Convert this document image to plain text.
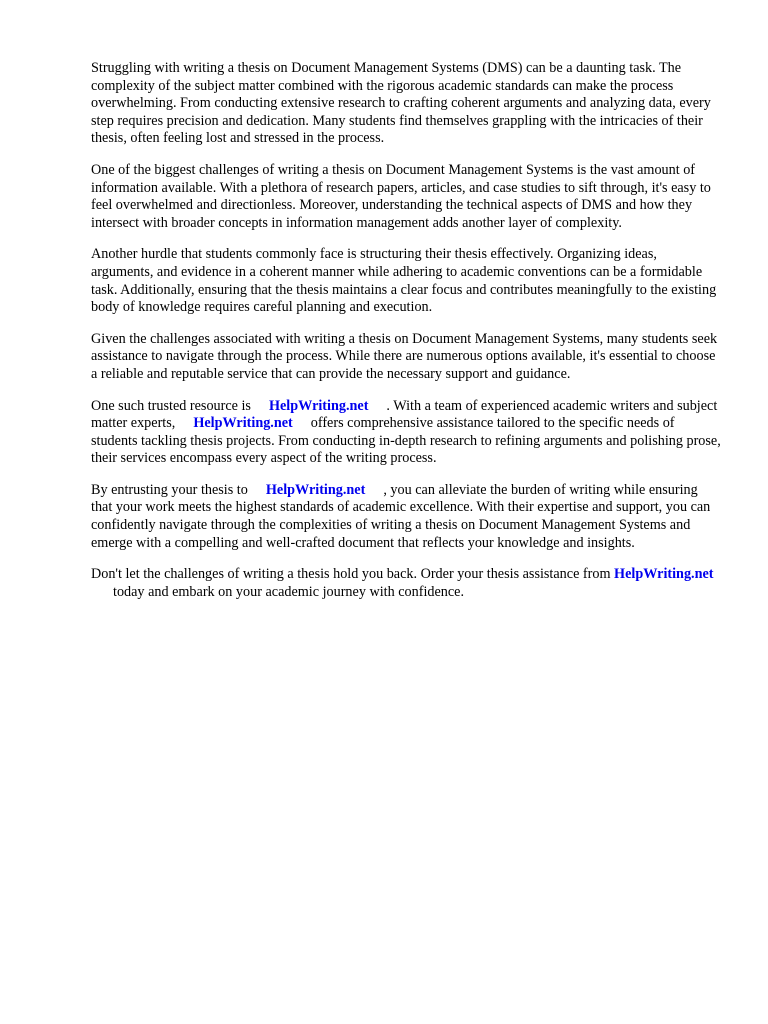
Struggling with writing a thesis on Document Management Systems (DMS) can be a daunting task. The complexity of the subject matter combined with the rigorous academic standards can make the process overwhelming. From conducting extensive research to crafting coherent arguments and analyzing data, every step requires precision and dedication. Many students find themselves grappling with the intricacies of their thesis, often feeling lost and stressed in the process.

One of the biggest challenges of writing a thesis on Document Management Systems is the vast amount of information available. With a plethora of research papers, articles, and case studies to sift through, it's easy to feel overwhelmed and directionless. Moreover, understanding the technical aspects of DMS and how they intersect with broader concepts in information management adds another layer of complexity.

Another hurdle that students commonly face is structuring their thesis effectively. Organizing ideas, arguments, and evidence in a coherent manner while adhering to academic conventions can be a formidable task. Additionally, ensuring that the thesis maintains a clear focus and contributes meaningfully to the existing body of knowledge requires careful planning and execution.

Given the challenges associated with writing a thesis on Document Management Systems, many students seek assistance to navigate through the process. While there are numerous options available, it's essential to choose a reliable and reputable service that can provide the necessary support and guidance.

One such trusted resource is HelpWriting.net . With a team of experienced academic writers and subject matter experts, HelpWriting.net offers comprehensive assistance tailored to the specific needs of students tackling thesis projects. From conducting in-depth research to refining arguments and polishing prose, their services encompass every aspect of the writing process.

By entrusting your thesis to HelpWriting.net , you can alleviate the burden of writing while ensuring that your work meets the highest standards of academic excellence. With their expertise and support, you can confidently navigate through the complexities of writing a thesis on Document Management Systems and emerge with a compelling and well-crafted document that reflects your knowledge and insights.

Don't let the challenges of writing a thesis hold you back. Order your thesis assistance from HelpWriting.nettoday and embark on your academic journey with confidence.
